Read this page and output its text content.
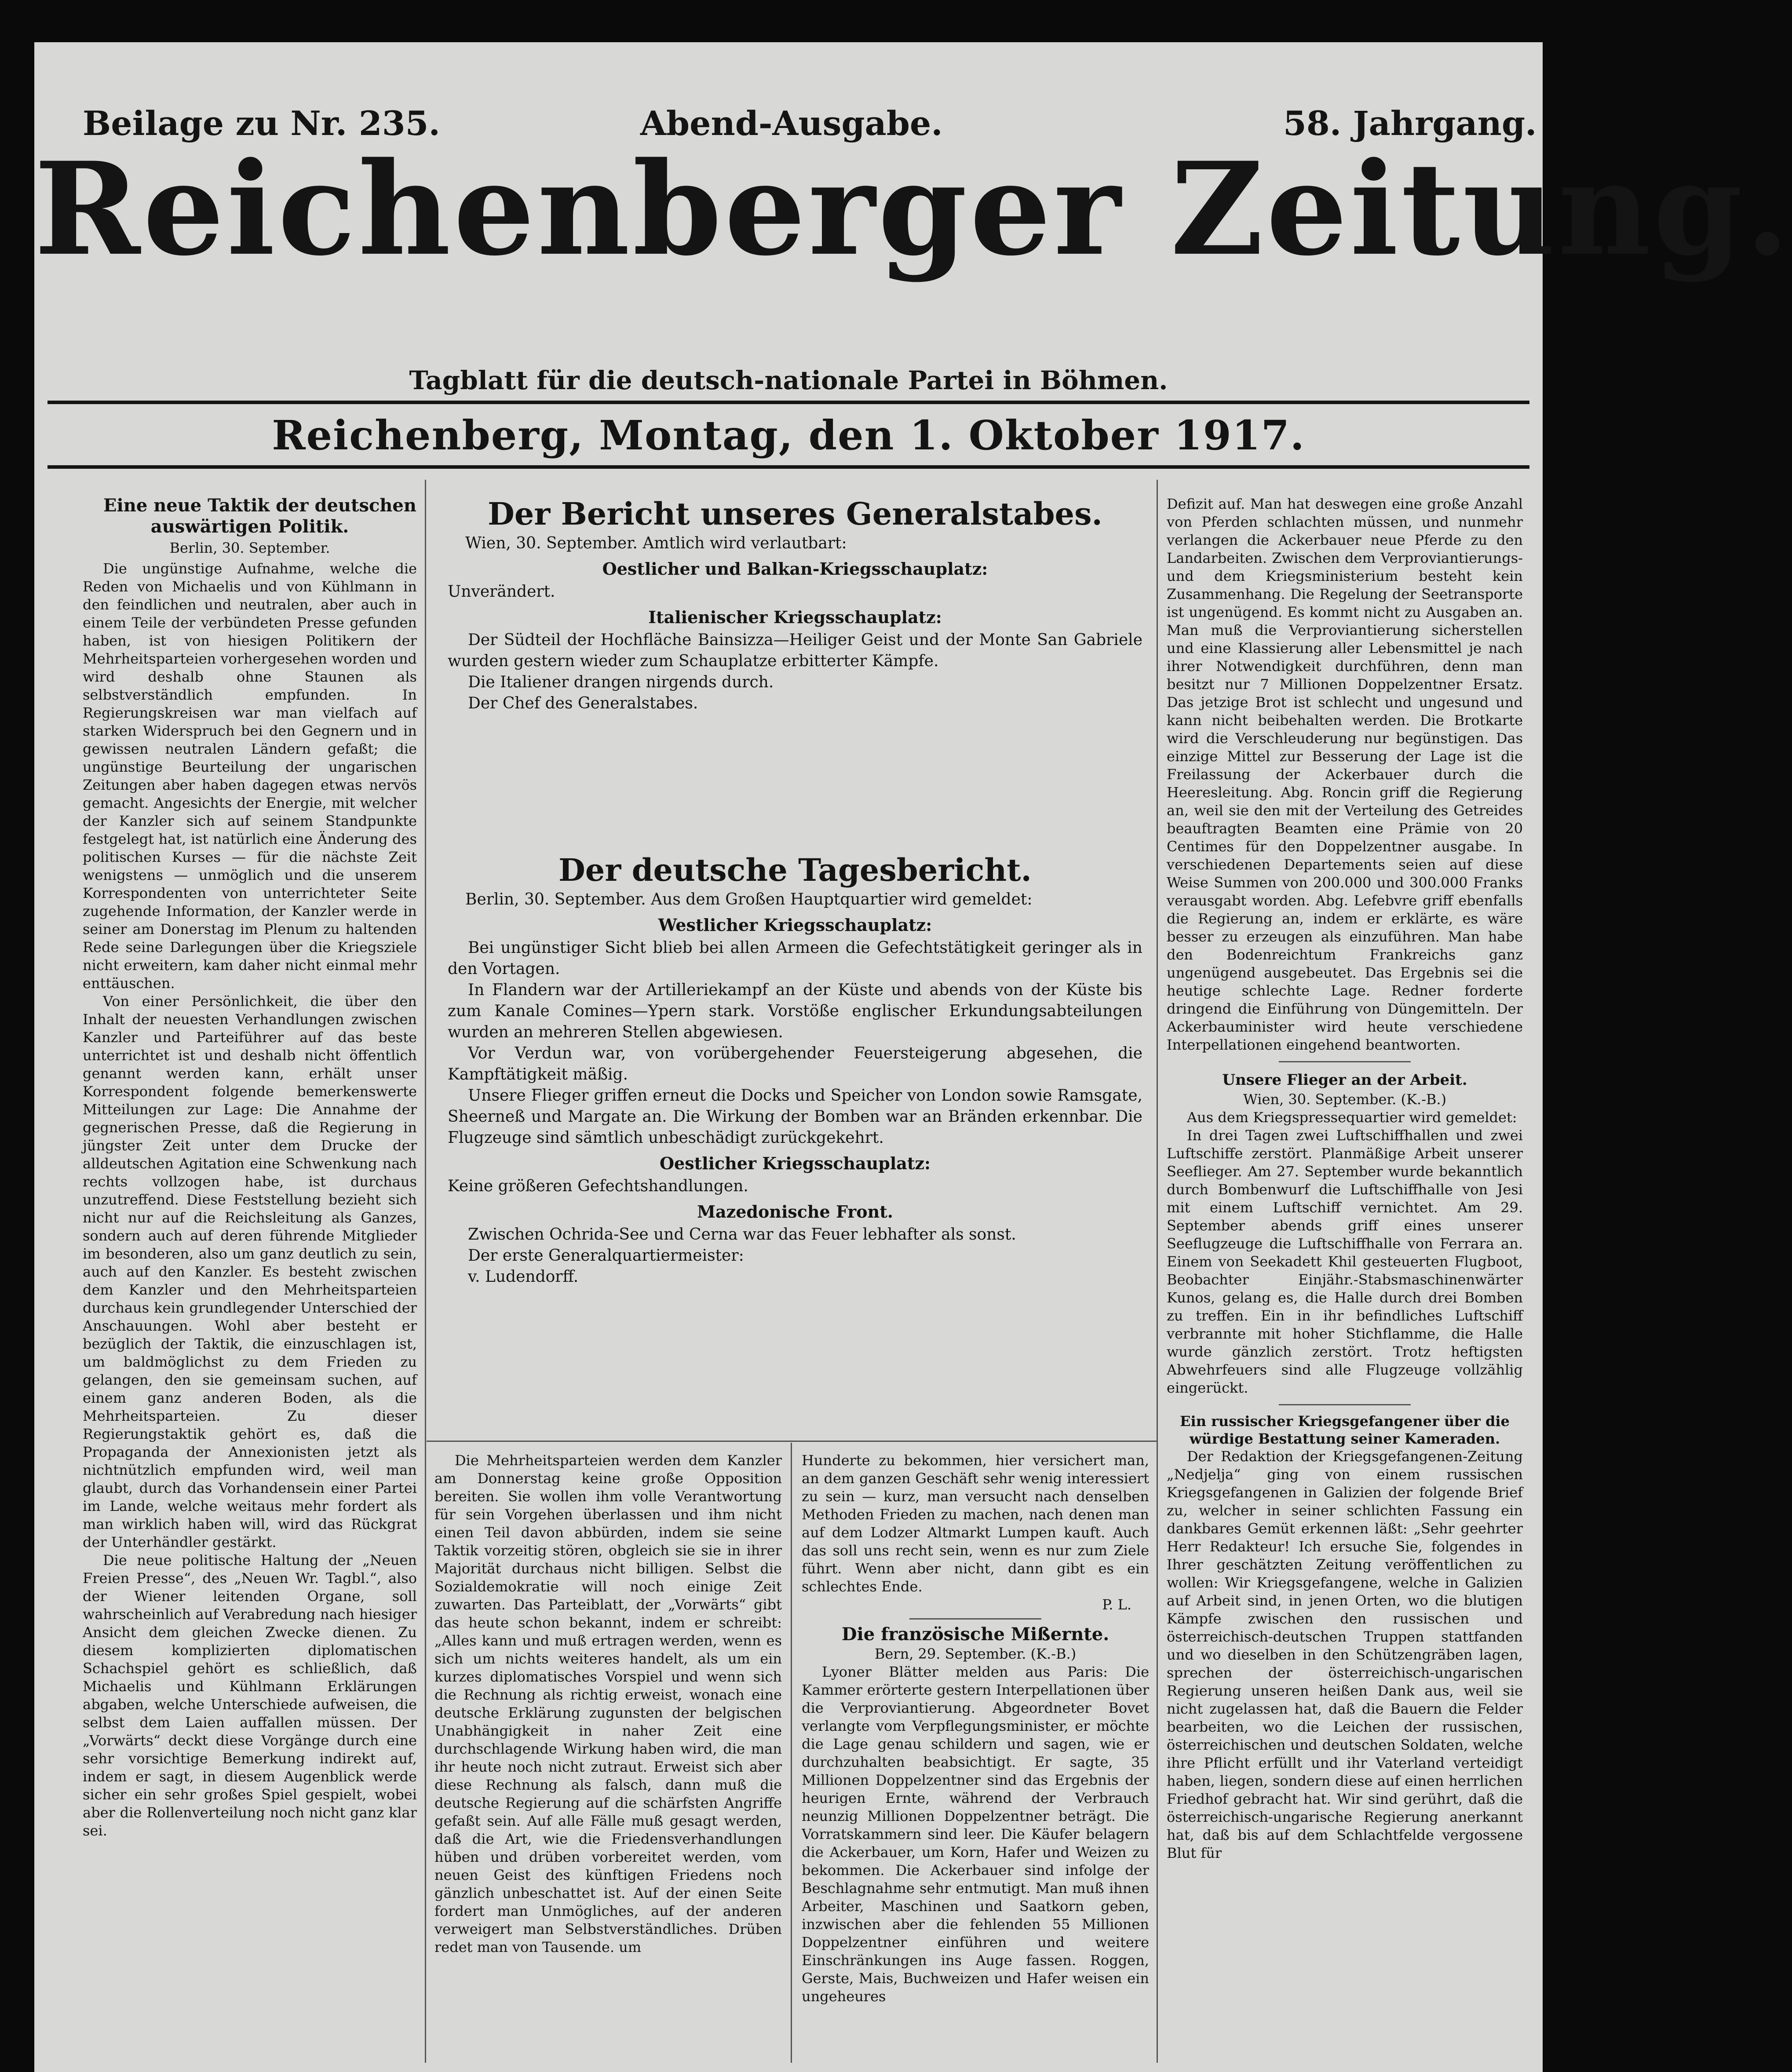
Beilage zu Nr. 235.	Abend-Ausgabe.	58. Jahrgang.
Reichenberger Zeitung.
Tagblatt für die deutsch-nationale Partei in Böhmen.
Reichenberg, Montag, den 1. Oktober 1917.

Eine neue Taktik der deutschen auswärtigen Politik.

Berlin, 30. September.

Die ungünstige Aufnahme, welche die Reden von Michaelis und von Kühlmann in den feindlichen und neutralen, aber auch in einem Teile der verbündeten Presse gefunden haben, ist von hiesigen Politikern der Mehrheitsparteien vorhergesehen worden und wird deshalb ohne Staunen als selbstverständlich empfunden. In Regierungskreisen war man vielfach auf starken Widerspruch bei den Gegnern und in gewissen neutralen Ländern gefaßt; die ungünstige Beurteilung der ungarischen Zeitungen aber haben dagegen etwas nervös gemacht. Angesichts der Energie, mit welcher der Kanzler sich auf seinem Standpunkte festgelegt hat, ist natürlich eine Änderung des politischen Kurses — für die nächste Zeit wenigstens — unmöglich und die unserem Korrespondenten von unterrichteter Seite zugehende Information, der Kanzler werde in seiner am Donerstag im Plenum zu haltenden Rede seine Darlegungen über die Kriegsziele nicht erweitern, kam daher nicht einmal mehr enttäuschen.

Von einer Persönlichkeit, die über den Inhalt der neuesten Verhandlungen zwischen Kanzler und Parteiführer auf das beste unterrichtet ist und deshalb nicht öffentlich genannt werden kann, erhält unser Korrespondent folgende bemerkenswerte Mitteilungen zur Lage: Die Annahme der gegnerischen Presse, daß die Regierung in jüngster Zeit unter dem Drucke der alldeutschen Agitation eine Schwenkung nach rechts vollzogen habe, ist durchaus unzutreffend. Diese Feststellung bezieht sich nicht nur auf die Reichsleitung als Ganzes, sondern auch auf deren führende Mitglieder im besonderen, also um ganz deutlich zu sein, auch auf den Kanzler. Es besteht zwischen dem Kanzler und den Mehrheitsparteien durchaus kein grundlegender Unterschied der Anschauungen. Wohl aber besteht er bezüglich der Taktik, die einzuschlagen ist, um baldmöglichst zu dem Frieden zu gelangen, den sie gemeinsam suchen, auf einem ganz anderen Boden, als die Mehrheitsparteien. Zu dieser Regierungstaktik gehört es, daß die Propaganda der Annexionisten jetzt als nichtnützlich empfunden wird, weil man glaubt, durch das Vorhandensein einer Partei im Lande, welche weitaus mehr fordert als man wirklich haben will, wird das Rückgrat der Unterhändler gestärkt.

Die neue politische Haltung der „Neuen Freien Presse“, des „Neuen Wr. Tagbl.“, also der Wiener leitenden Organe, soll wahrscheinlich auf Verabredung nach hiesiger Ansicht dem gleichen Zwecke dienen. Zu diesem komplizierten diplomatischen Schachspiel gehört es schließlich, daß Michaelis und Kühlmann Erklärungen abgaben, welche Unterschiede aufweisen, die selbst dem Laien auffallen müssen. Der „Vorwärts“ deckt diese Vorgänge durch eine sehr vorsichtige Bemerkung indirekt auf, indem er sagt, in diesem Augenblick werde sicher ein sehr großes Spiel gespielt, wobei aber die Rollenverteilung noch nicht ganz klar sei.

Der Bericht unseres Generalstabes.

Wien, 30. September. Amtlich wird verlautbart:

Oestlicher und Balkan-Kriegsschauplatz:

Unverändert.

Italienischer Kriegsschauplatz:

Der Südteil der Hochfläche Bainsizza—Heiliger Geist und der Monte San Gabriele wurden gestern wieder zum Schauplatze erbitterter Kämpfe.

Die Italiener drangen nirgends durch.

Der Chef des Generalstabes.

Der deutsche Tagesbericht.

Berlin, 30. September. Aus dem Großen Hauptquartier wird gemeldet:

Westlicher Kriegsschauplatz:

Bei ungünstiger Sicht blieb bei allen Armeen die Gefechtstätigkeit geringer als in den Vortagen.

In Flandern war der Artilleriekampf an der Küste und abends von der Küste bis zum Kanale Comines—Ypern stark. Vorstöße englischer Erkundungsabteilungen wurden an mehreren Stellen abgewiesen.

Vor Verdun war, von vorübergehender Feuersteigerung abgesehen, die Kampftätigkeit mäßig.

Unsere Flieger griffen erneut die Docks und Speicher von London sowie Ramsgate, Sheerneß und Margate an. Die Wirkung der Bomben war an Bränden erkennbar. Die Flugzeuge sind sämtlich unbeschädigt zurückgekehrt.

Oestlicher Kriegsschauplatz:

Keine größeren Gefechtshandlungen.

Mazedonische Front.

Zwischen Ochrida-See und Cerna war das Feuer lebhafter als sonst.

Der erste Generalquartiermeister:

v. Ludendorff.

Die Mehrheitsparteien werden dem Kanzler am Donnerstag keine große Opposition bereiten. Sie wollen ihm volle Verantwortung für sein Vorgehen überlassen und ihm nicht einen Teil davon abbürden, indem sie seine Taktik vorzeitig stören, obgleich sie sie in ihrer Majorität durchaus nicht billigen. Selbst die Sozialdemokratie will noch einige Zeit zuwarten. Das Parteiblatt, der „Vorwärts“ gibt das heute schon bekannt, indem er schreibt: „Alles kann und muß ertragen werden, wenn es sich um nichts weiteres handelt, als um ein kurzes diplomatisches Vorspiel und wenn sich die Rechnung als richtig erweist, wonach eine deutsche Erklärung zugunsten der belgischen Unabhängigkeit in naher Zeit eine durchschlagende Wirkung haben wird, die man ihr heute noch nicht zutraut. Erweist sich aber diese Rechnung als falsch, dann muß die deutsche Regierung auf die schärfsten Angriffe gefaßt sein. Auf alle Fälle muß gesagt werden, daß die Art, wie die Friedensverhandlungen hüben und drüben vorbereitet werden, vom neuen Geist des künftigen Friedens noch gänzlich unbeschattet ist. Auf der einen Seite fordert man Unmögliches, auf der anderen verweigert man Selbstverständliches. Drüben redet man von Tausende. um

Hunderte zu bekommen, hier versichert man, an dem ganzen Geschäft sehr wenig interessiert zu sein — kurz, man versucht nach denselben Methoden Frieden zu machen, nach denen man auf dem Lodzer Altmarkt Lumpen kauft. Auch das soll uns recht sein, wenn es nur zum Ziele führt. Wenn aber nicht, dann gibt es ein schlechtes Ende.

P. L.

Die französische Mißernte.

Bern, 29. September. (K.-B.)

Lyoner Blätter melden aus Paris: Die Kammer erörterte gestern Interpellationen über die Verproviantierung. Abgeordneter Bovet verlangte vom Verpflegungsminister, er möchte die Lage genau schildern und sagen, wie er durchzuhalten beabsichtigt. Er sagte, 35 Millionen Doppelzentner sind das Ergebnis der heurigen Ernte, während der Verbrauch neunzig Millionen Doppelzentner beträgt. Die Vorratskammern sind leer. Die Käufer belagern die Ackerbauer, um Korn, Hafer und Weizen zu bekommen. Die Ackerbauer sind infolge der Beschlagnahme sehr entmutigt. Man muß ihnen Arbeiter, Maschinen und Saatkorn geben, inzwischen aber die fehlenden 55 Millionen Doppelzentner einführen und weitere Einschränkungen ins Auge fassen. Roggen, Gerste, Mais, Buchweizen und Hafer weisen ein ungeheures

Defizit auf. Man hat deswegen eine große Anzahl von Pferden schlachten müssen, und nunmehr verlangen die Ackerbauer neue Pferde zu den Landarbeiten. Zwischen dem Verproviantierungs- und dem Kriegsministerium besteht kein Zusammenhang. Die Regelung der Seetransporte ist ungenügend. Es kommt nicht zu Ausgaben an. Man muß die Verproviantierung sicherstellen und eine Klassierung aller Lebensmittel je nach ihrer Notwendigkeit durchführen, denn man besitzt nur 7 Millionen Doppelzentner Ersatz. Das jetzige Brot ist schlecht und ungesund und kann nicht beibehalten werden. Die Brotkarte wird die Verschleuderung nur begünstigen. Das einzige Mittel zur Besserung der Lage ist die Freilassung der Ackerbauer durch die Heeresleitung. Abg. Roncin griff die Regierung an, weil sie den mit der Verteilung des Getreides beauftragten Beamten eine Prämie von 20 Centimes für den Doppelzentner ausgabe. In verschiedenen Departements seien auf diese Weise Summen von 200.000 und 300.000 Franks verausgabt worden. Abg. Lefebvre griff ebenfalls die Regierung an, indem er erklärte, es wäre besser zu erzeugen als einzuführen. Man habe den Bodenreichtum Frankreichs ganz ungenügend ausgebeutet. Das Ergebnis sei die heutige schlechte Lage. Redner forderte dringend die Einführung von Düngemitteln. Der Ackerbauminister wird heute verschiedene Interpellationen eingehend beantworten.

Unsere Flieger an der Arbeit.

Wien, 30. September. (K.-B.)

Aus dem Kriegspressequartier wird gemeldet:

In drei Tagen zwei Luftschiffhallen und zwei Luftschiffe zerstört. Planmäßige Arbeit unserer Seeflieger. Am 27. September wurde bekanntlich durch Bombenwurf die Luftschiffhalle von Jesi mit einem Luftschiff vernichtet. Am 29. September abends griff eines unserer Seeflugzeuge die Luftschiffhalle von Ferrara an. Einem von Seekadett Khil gesteuerten Flugboot, Beobachter Einjähr.-Stabsmaschinenwärter Kunos, gelang es, die Halle durch drei Bomben zu treffen. Ein in ihr befindliches Luftschiff verbrannte mit hoher Stichflamme, die Halle wurde gänzlich zerstört. Trotz heftigsten Abwehrfeuers sind alle Flugzeuge vollzählig eingerückt.

Ein russischer Kriegsgefangener über die würdige Bestattung seiner Kameraden.

Der Redaktion der Kriegsgefangenen-Zeitung „Nedjelja“ ging von einem russischen Kriegsgefangenen in Galizien der folgende Brief zu, welcher in seiner schlichten Fassung ein dankbares Gemüt erkennen läßt: „Sehr geehrter Herr Redakteur! Ich ersuche Sie, folgendes in Ihrer geschätzten Zeitung veröffentlichen zu wollen: Wir Kriegsgefangene, welche in Galizien auf Arbeit sind, in jenen Orten, wo die blutigen Kämpfe zwischen den russischen und österreichisch-deutschen Truppen stattfanden und wo dieselben in den Schützengräben lagen, sprechen der österreichisch-ungarischen Regierung unseren heißen Dank aus, weil sie nicht zugelassen hat, daß die Bauern die Felder bearbeiten, wo die Leichen der russischen, österreichischen und deutschen Soldaten, welche ihre Pflicht erfüllt und ihr Vaterland verteidigt haben, liegen, sondern diese auf einen herrlichen Friedhof gebracht hat. Wir sind gerührt, daß die österreichisch-ungarische Regierung anerkannt hat, daß bis auf dem Schlachtfelde vergossene Blut für
